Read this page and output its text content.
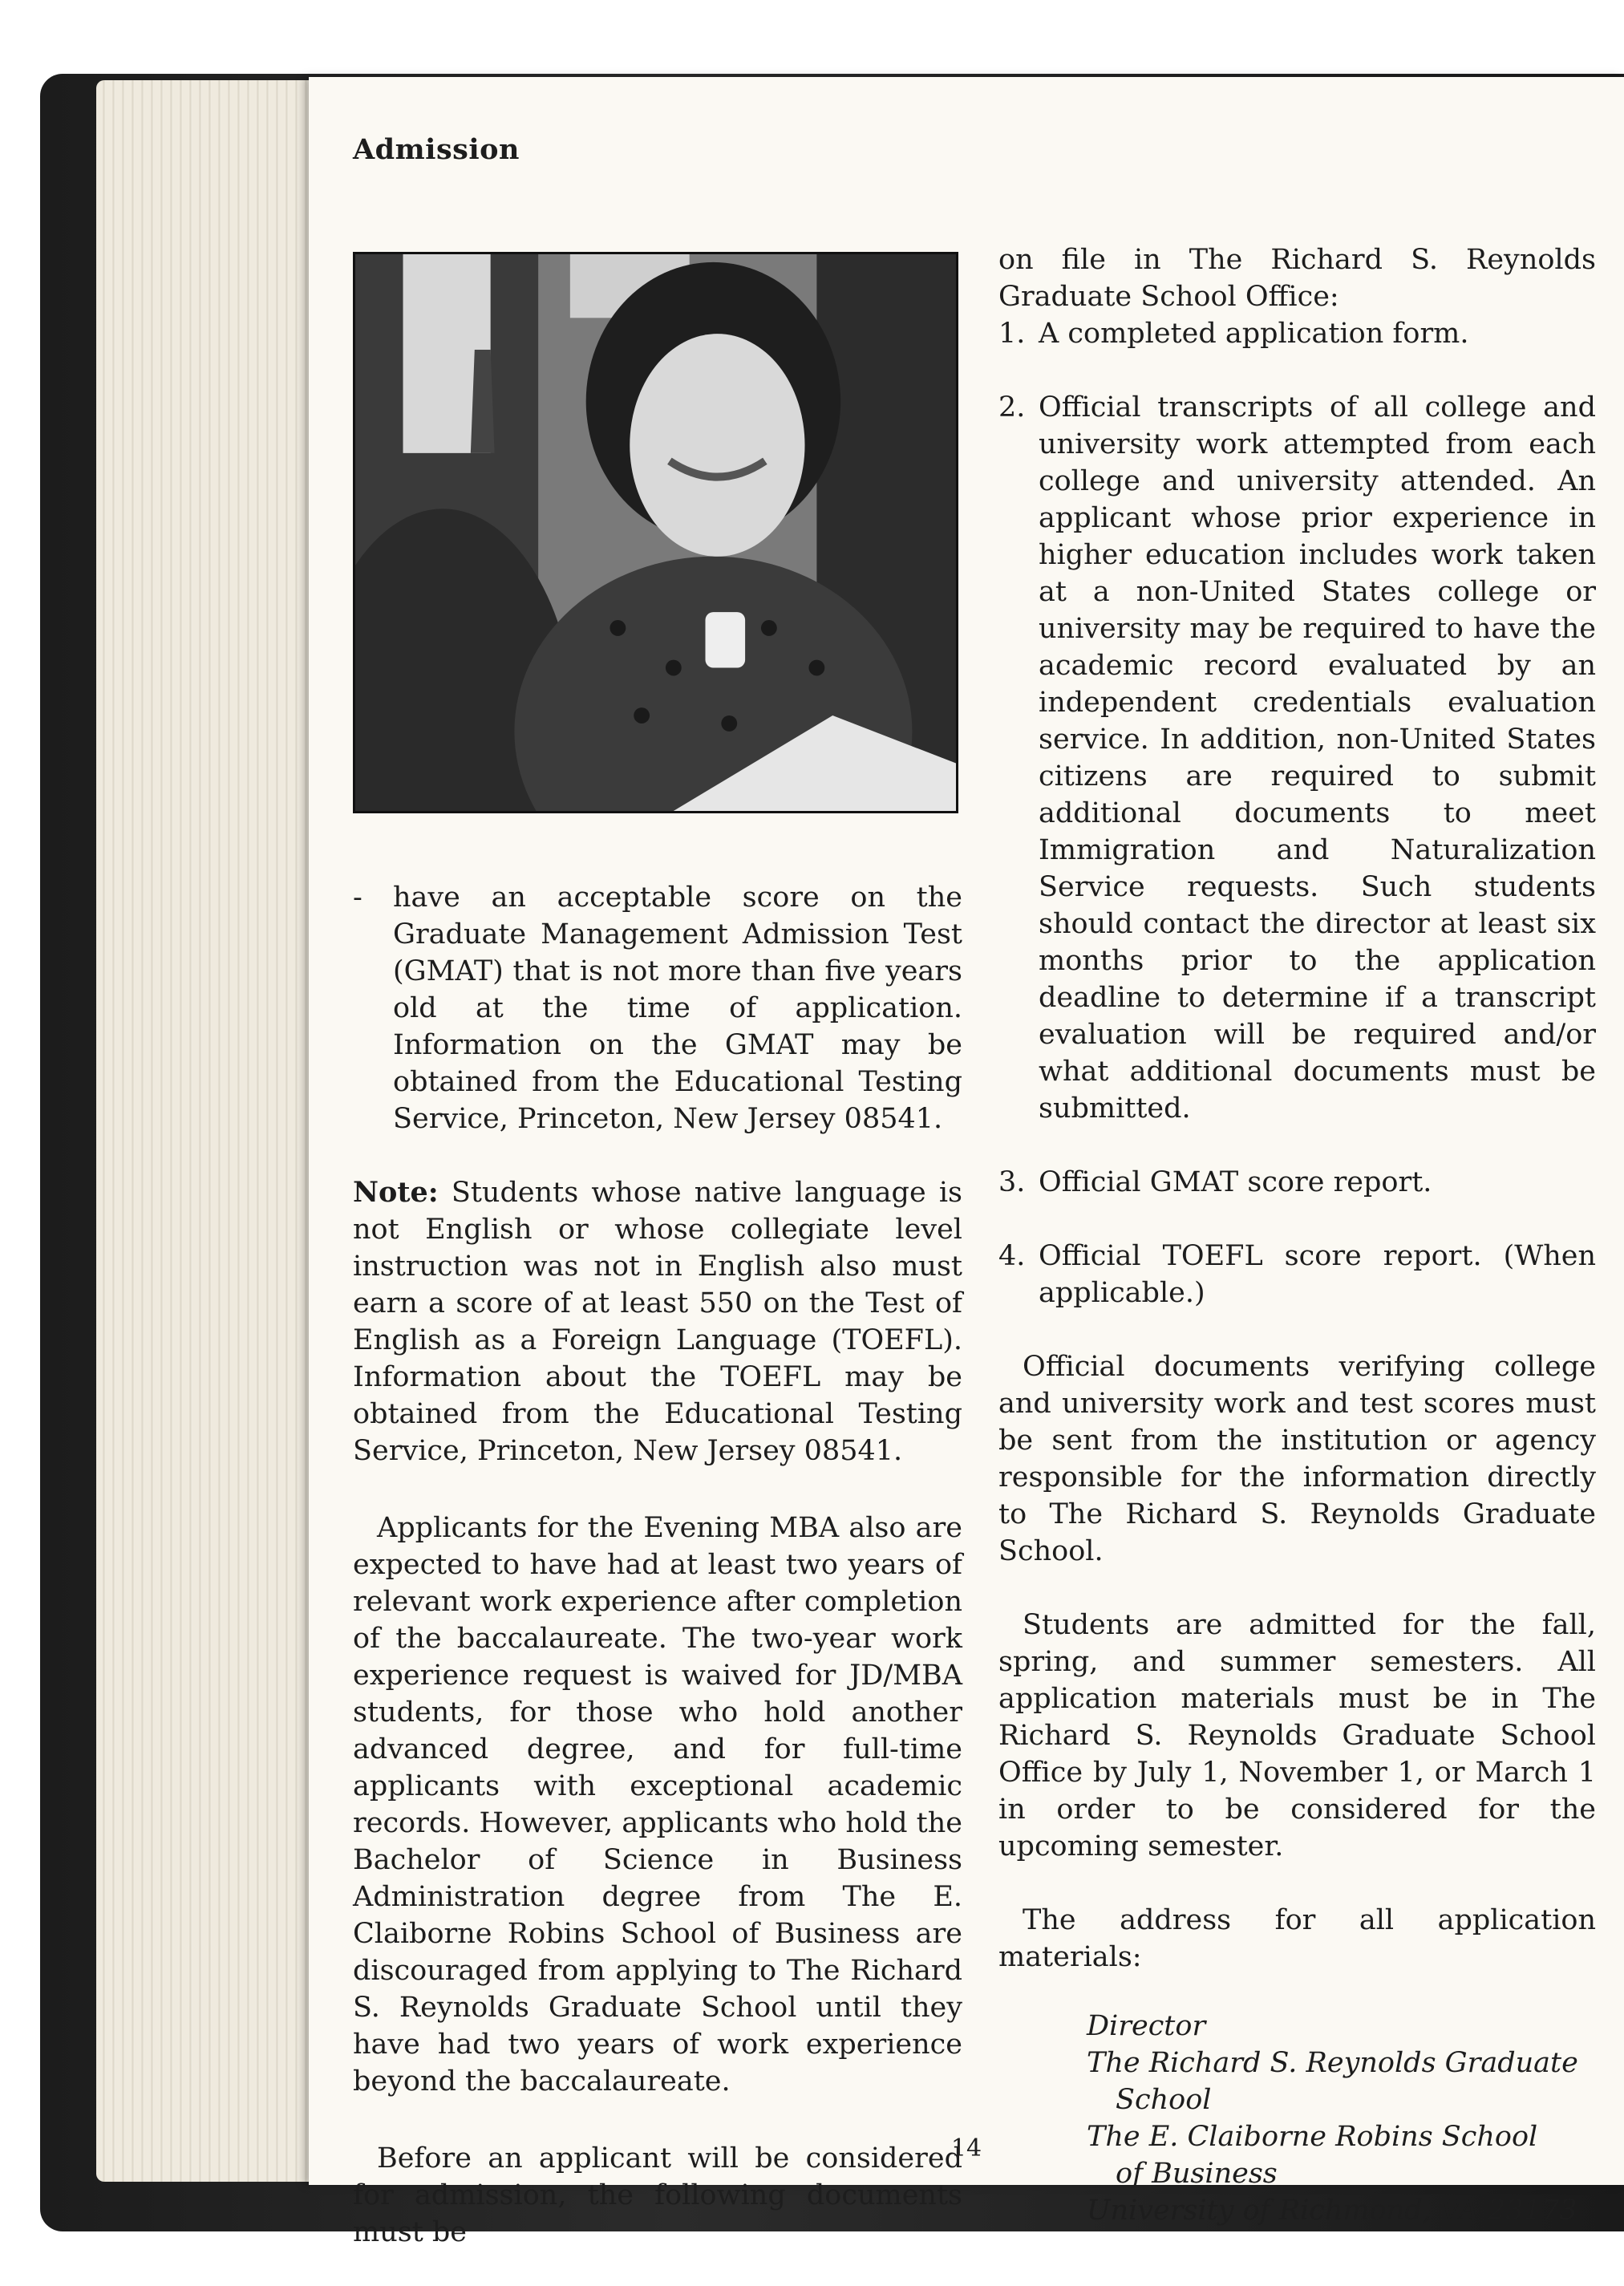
Admission
-	have an acceptable score on the Graduate Management Admission Test (GMAT) that is not more than five years old at the time of application. Information on the GMAT may be obtained from the Educational Testing Service, Princeton, New Jersey 08541.

Note: Students whose native language is not English or whose collegiate level instruction was not in English also must earn a score of at least 550 on the Test of English as a Foreign Language (TOEFL). Information about the TOEFL may be obtained from the Educational Testing Service, Princeton, New Jersey 08541.

Applicants for the Evening MBA also are expected to have had at least two years of relevant work experience after completion of the baccalaureate. The two-year work experience request is waived for JD/MBA students, for those who hold another advanced degree, and for full-time applicants with exceptional academic records. However, applicants who hold the Bachelor of Science in Business Administration degree from The E. Claiborne Robins School of Business are discouraged from applying to The Richard S. Reynolds Graduate School until they have had two years of work experience beyond the baccalaureate.

Before an applicant will be considered for admission, the following documents must be

on file in The Richard S. Reynolds Graduate School Office:

1. A completed application form.

2. Official transcripts of all college and university work attempted from each college and university attended. An applicant whose prior experience in higher education includes work taken at a non-United States college or university may be required to have the academic record evaluated by an independent credentials evaluation service. In addition, non-United States citizens are required to submit additional documents to meet Immigration and Naturalization Service requests. Such students should contact the director at least six months prior to the application deadline to determine if a transcript evaluation will be required and/or what additional documents must be submitted.

3. Official GMAT score report.

4. Official TOEFL score report. (When applicable.)

Official documents verifying college and university work and test scores must be sent from the institution or agency responsible for the information directly to The Richard S. Reynolds Graduate School.

Students are admitted for the fall, spring, and summer semesters. All application materials must be in The Richard S. Reynolds Graduate School Office by July 1, November 1, or March 1 in order to be considered for the upcoming semester.

The address for all application materials:

Director
The Richard S. Reynolds Graduate
School
The E. Claiborne Robins School
of Business
University of Richmond, VA 23173
14
